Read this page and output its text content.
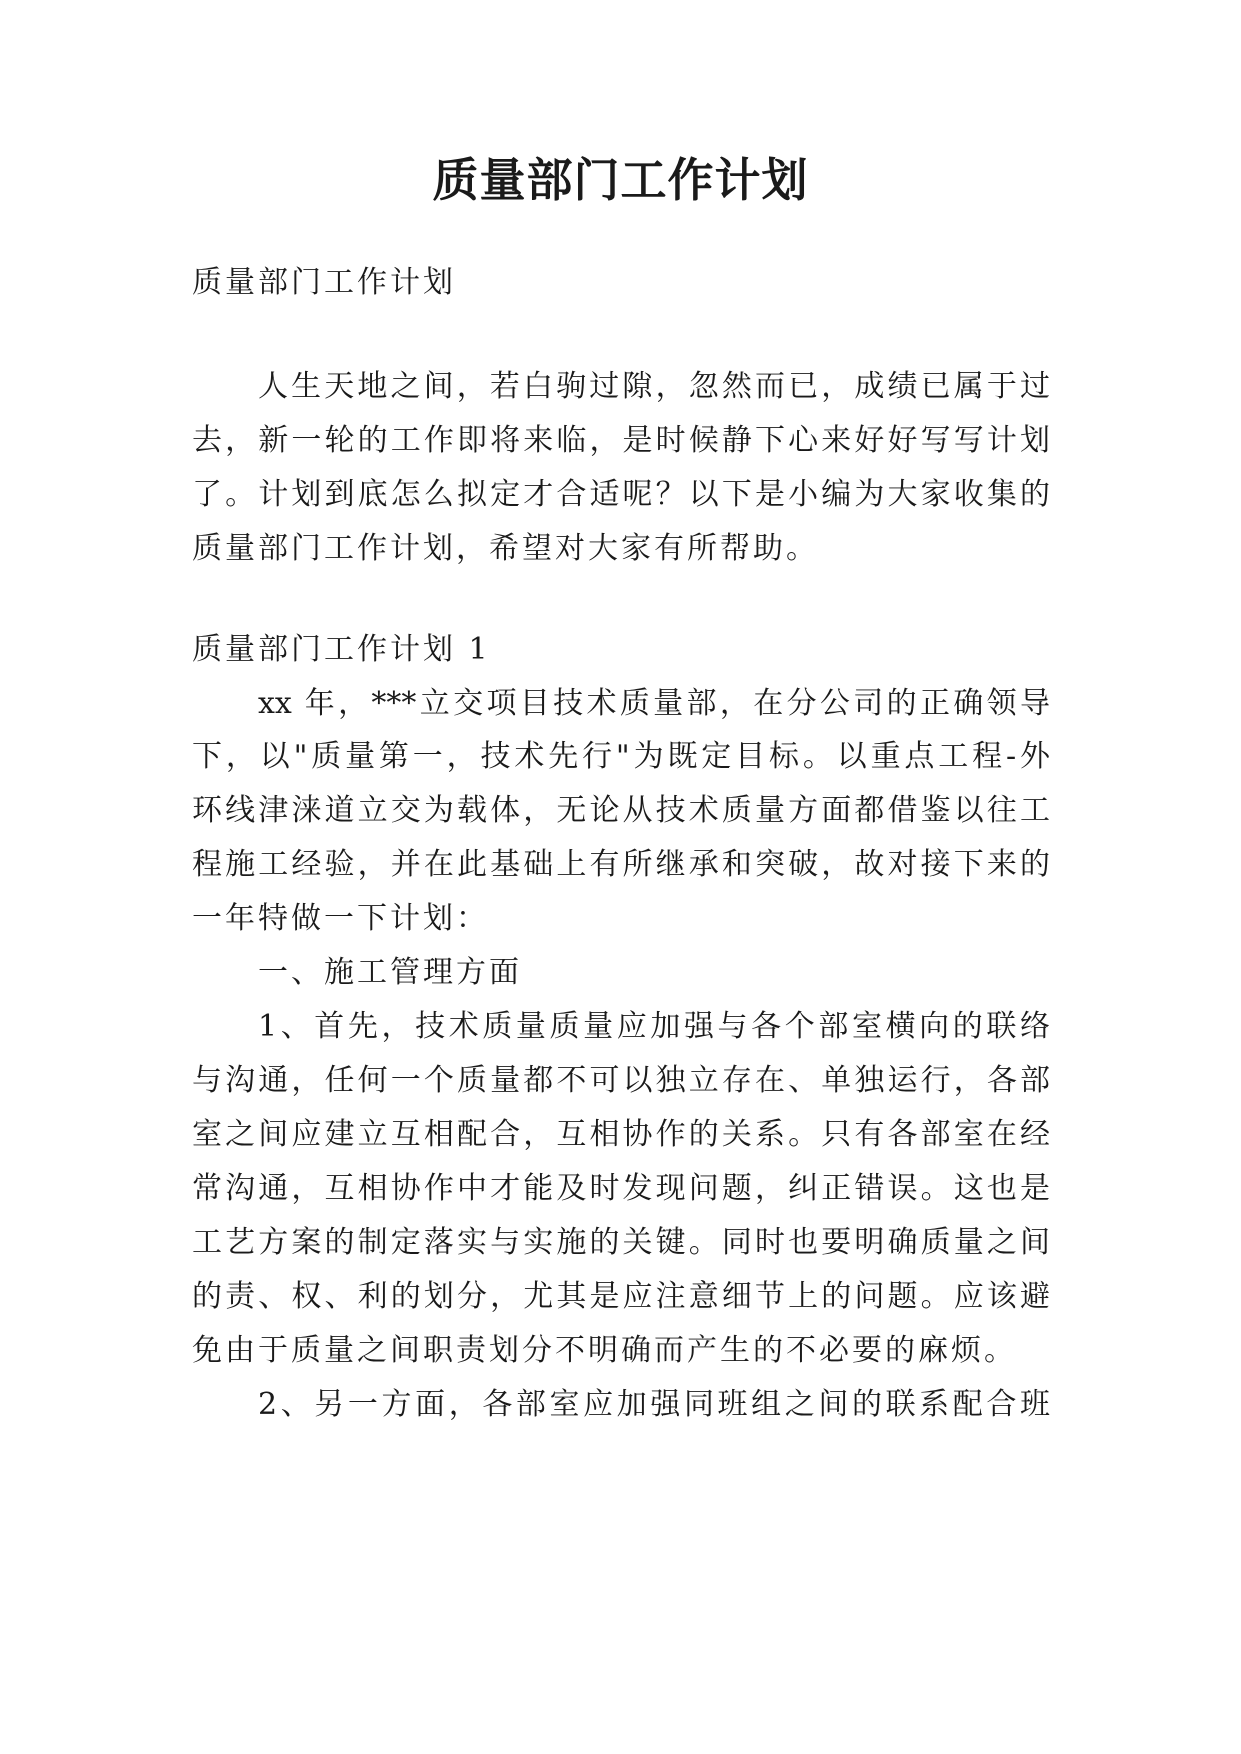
质量部门工作计划

质量部门工作计划

人生天地之间，若白驹过隙，忽然而已，成绩已属于过

去，新一轮的工作即将来临，是时候静下心来好好写写计划

了。计划到底怎么拟定才合适呢？以下是小编为大家收集的

质量部门工作计划，希望对大家有所帮助。

质量部门工作计划 1

xx 年，***立交项目技术质量部，在分公司的正确领导

下，以"质量第一，技术先行"为既定目标。以重点工程-外

环线津涞道立交为载体，无论从技术质量方面都借鉴以往工

程施工经验，并在此基础上有所继承和突破，故对接下来的

一年特做一下计划：

一、施工管理方面

1、首先，技术质量质量应加强与各个部室横向的联络

与沟通，任何一个质量都不可以独立存在、单独运行，各部

室之间应建立互相配合，互相协作的关系。只有各部室在经

常沟通，互相协作中才能及时发现问题，纠正错误。这也是

工艺方案的制定落实与实施的关键。同时也要明确质量之间

的责、权、利的划分，尤其是应注意细节上的问题。应该避

免由于质量之间职责划分不明确而产生的不必要的麻烦。

2、另一方面，各部室应加强同班组之间的联系配合班
